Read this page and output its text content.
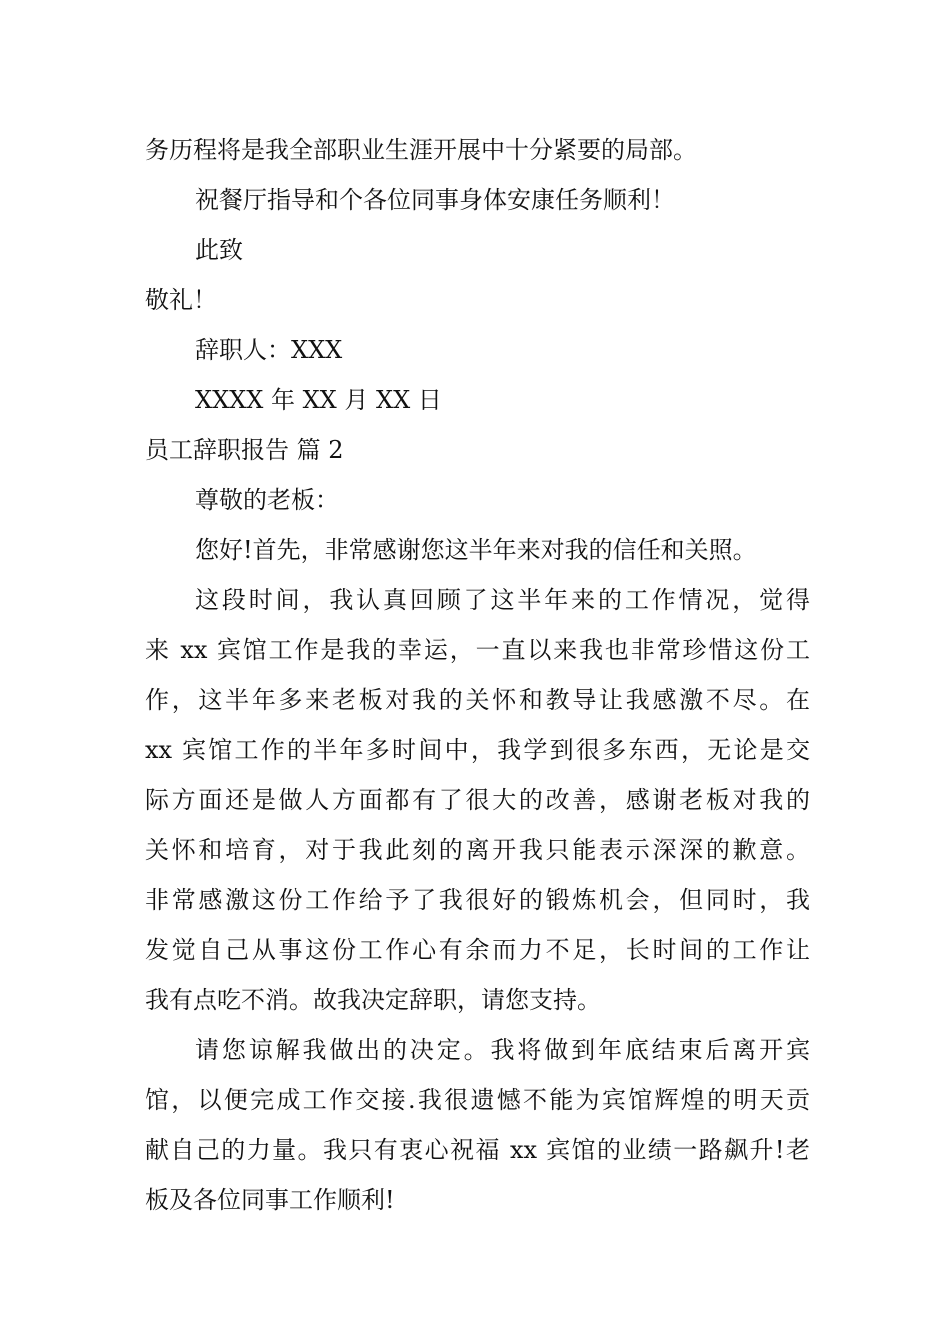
务历程将是我全部职业生涯开展中十分紧要的局部。
祝餐厅指导和个各位同事身体安康任务顺利！
此致
敬礼！
辞职人：XXX
XXXX 年 XX 月 XX 日
员工辞职报告 篇 2
尊敬的老板：
您好!首先，非常感谢您这半年来对我的信任和关照。
这段时间，我认真回顾了这半年来的工作情况，觉得
来 xx 宾馆工作是我的幸运，一直以来我也非常珍惜这份工
作，这半年多来老板对我的关怀和教导让我感激不尽。在
xx 宾馆工作的半年多时间中，我学到很多东西，无论是交
际方面还是做人方面都有了很大的改善，感谢老板对我的
关怀和培育，对于我此刻的离开我只能表示深深的歉意。
非常感激这份工作给予了我很好的锻炼机会，但同时，我
发觉自己从事这份工作心有余而力不足，长时间的工作让
我有点吃不消。故我决定辞职，请您支持。
请您谅解我做出的决定。我将做到年底结束后离开宾
馆，以便完成工作交接.我很遗憾不能为宾馆辉煌的明天贡
献自己的力量。我只有衷心祝福 xx 宾馆的业绩一路飙升!老
板及各位同事工作顺利!
